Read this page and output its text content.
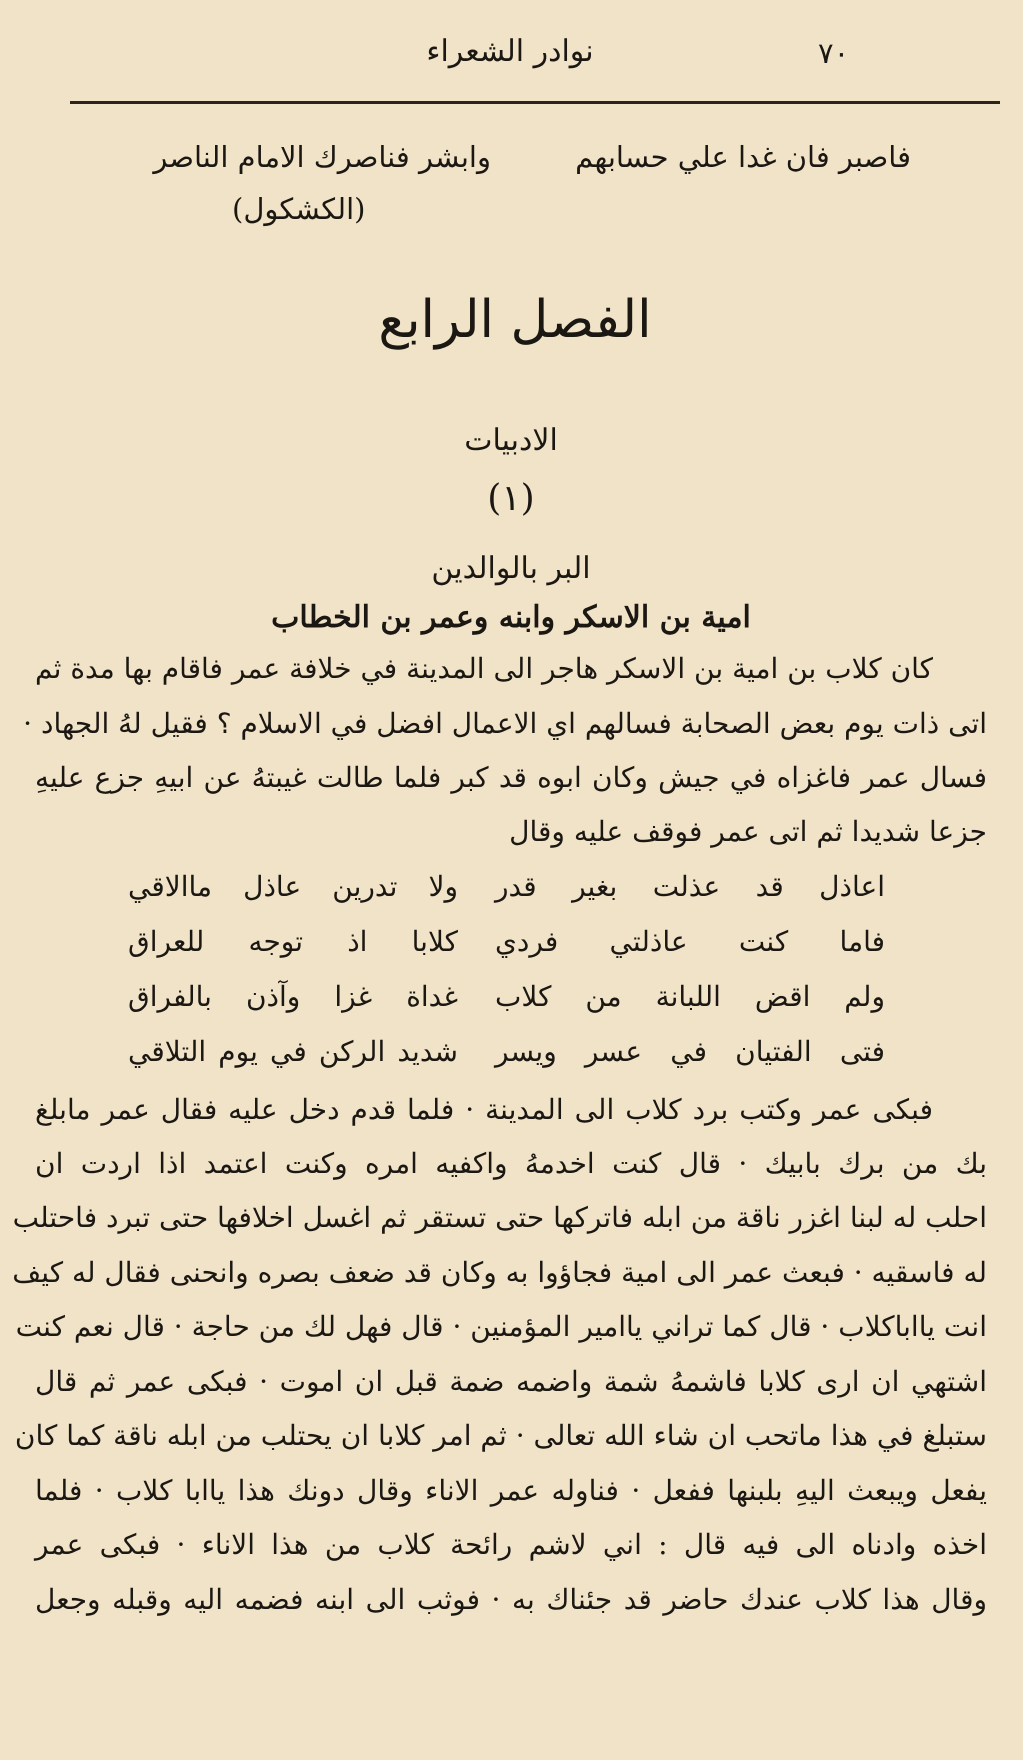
٧٠
نوادر الشعراء
فاصبر فان غدا علي حسابهموابشر فناصرك الامام الناصر
(الكشكول)
الفصل الرابع
الادبيات
(١)
البر بالوالدين
امية بن الاسكر وابنه وعمر بن الخطاب
كان كلاب بن امية بن الاسكر هاجر الى المدينة في خلافة عمر فاقام بها مدة ثم
اتى ذات يوم بعض الصحابة فسالهم اي الاعمال افضل في الاسلام ؟ فقيل لهُ الجهاد ·
فسال عمر فاغزاه في جيش وكان ابوه قد كبر فلما طالت غيبتهُ عن ابيهِ جزع عليهِ
جزعا شديدا ثم اتى عمر فوقف عليه وقال
اعاذل قد عذلت بغير قدر
ولا تدرين عاذل ماالاقي
فاما كنت عاذلتي فردي
كلابا اذ توجه للعراق
ولم اقض اللبانة من كلاب
غداة غزا وآذن بالفراق
فتى الفتيان في عسر ويسر
شديد الركن في يوم التلاقي
فبكى عمر وكتب برد كلاب الى المدينة · فلما قدم دخل عليه فقال عمر مابلغ
بك من برك بابيك · قال كنت اخدمهُ واكفيه امره وكنت اعتمد اذا اردت ان
احلب له لبنا اغزر ناقة من ابله فاتركها حتى تستقر ثم اغسل اخلافها حتى تبرد فاحتلب
له فاسقيه · فبعث عمر الى امية فجاؤوا به وكان قد ضعف بصره وانحنى فقال له كيف
انت يااباكلاب · قال كما تراني ياامير المؤمنين · قال فهل لك من حاجة · قال نعم كنت
اشتهي ان ارى كلابا فاشمهُ شمة واضمه ضمة قبل ان اموت · فبكى عمر ثم قال
ستبلغ في هذا ماتحب ان شاء الله تعالى · ثم امر كلابا ان يحتلب من ابله ناقة كما كان
يفعل ويبعث اليهِ بلبنها ففعل · فناوله عمر الاناء وقال دونك هذا ياابا كلاب · فلما
اخذه وادناه الى فيه قال : اني لاشم رائحة كلاب من هذا الاناء · فبكى عمر
وقال هذا كلاب عندك حاضر قد جئناك به · فوثب الى ابنه فضمه اليه وقبله وجعل
